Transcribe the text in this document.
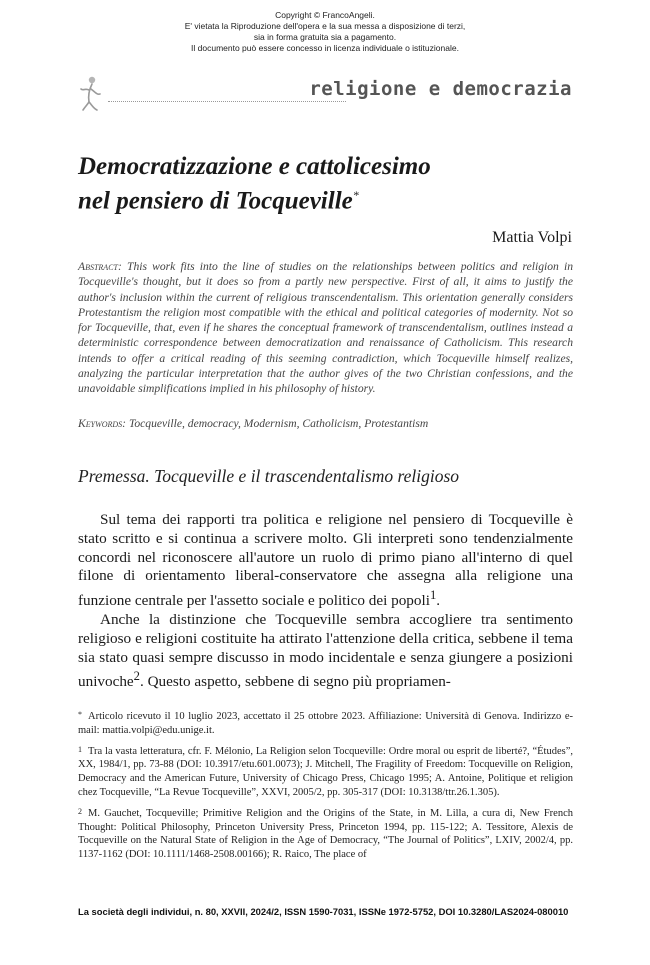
Copyright © FrancoAngeli.
E' vietata la Riproduzione dell'opera e la sua messa a disposizione di terzi,
sia in forma gratuita sia a pagamento.
Il documento può essere concesso in licenza individuale o istituzionale.
religione e democrazia
Democratizzazione e cattolicesimo
nel pensiero di Tocqueville*
Mattia Volpi

Abstract: This work fits into the line of studies on the relationships between politics and religion in Tocqueville's thought, but it does so from a partly new perspective. First of all, it aims to justify the author's inclusion within the current of religious transcendentalism. This orientation generally considers Protestantism the religion most compatible with the ethical and political categories of modernity. Not so for Tocqueville, that, even if he shares the conceptual framework of transcendentalism, outlines instead a deterministic correspondence between democratization and renaissance of Catholicism. This research intends to offer a critical reading of this seeming contradiction, which Tocqueville himself realizes, analyzing the particular interpretation that the author gives of the two Christian confessions, and the unavoidable simplifications implied in his philosophy of history.

Keywords: Tocqueville, democracy, Modernism, Catholicism, Protestantism

Premessa. Tocqueville e il trascendentalismo religioso

Sul tema dei rapporti tra politica e religione nel pensiero di Tocqueville è stato scritto e si continua a scrivere molto. Gli interpreti sono tendenzialmente concordi nel riconoscere all'autore un ruolo di primo piano all'interno di quel filone di orientamento liberal-conservatore che assegna alla religione una funzione centrale per l'assetto sociale e politico dei popoli$^1$.

Anche la distinzione che Tocqueville sembra accogliere tra sentimento religioso e religioni costituite ha attirato l'attenzione della critica, sebbene il tema sia stato quasi sempre discusso in modo incidentale e senza giungere a posizioni univoche$^2$. Questo aspetto, sebbene di segno più propriamen-

* Articolo ricevuto il 10 luglio 2023, accettato il 25 ottobre 2023. Affiliazione: Università di Genova. Indirizzo e-mail: mattia.volpi@edu.unige.it.

1 Tra la vasta letteratura, cfr. F. Mélonio, La Religion selon Tocqueville: Ordre moral ou esprit de liberté?, “Études”, XX, 1984/1, pp. 73-88 (DOI: 10.3917/etu.601.0073); J. Mitchell, The Fragility of Freedom: Tocqueville on Religion, Democracy and the American Future, University of Chicago Press, Chicago 1995; A. Antoine, Politique et religion chez Tocqueville, “La Revue Tocqueville”, XXVI, 2005/2, pp. 305-317 (DOI: 10.3138/ttr.26.1.305).

2 M. Gauchet, Tocqueville; Primitive Religion and the Origins of the State, in M. Lilla, a cura di, New French Thought: Political Philosophy, Princeton University Press, Princeton 1994, pp. 115-122; A. Tessitore, Alexis de Tocqueville on the Natural State of Religion in the Age of Democracy, “The Journal of Politics”, LXIV, 2002/4, pp. 1137-1162 (DOI: 10.1111/1468-2508.00166); R. Raico, The place of

La società degli individui, n. 80, XXVII, 2024/2, ISSN 1590-7031, ISSNe 1972-5752, DOI 10.3280/LAS2024-080010
